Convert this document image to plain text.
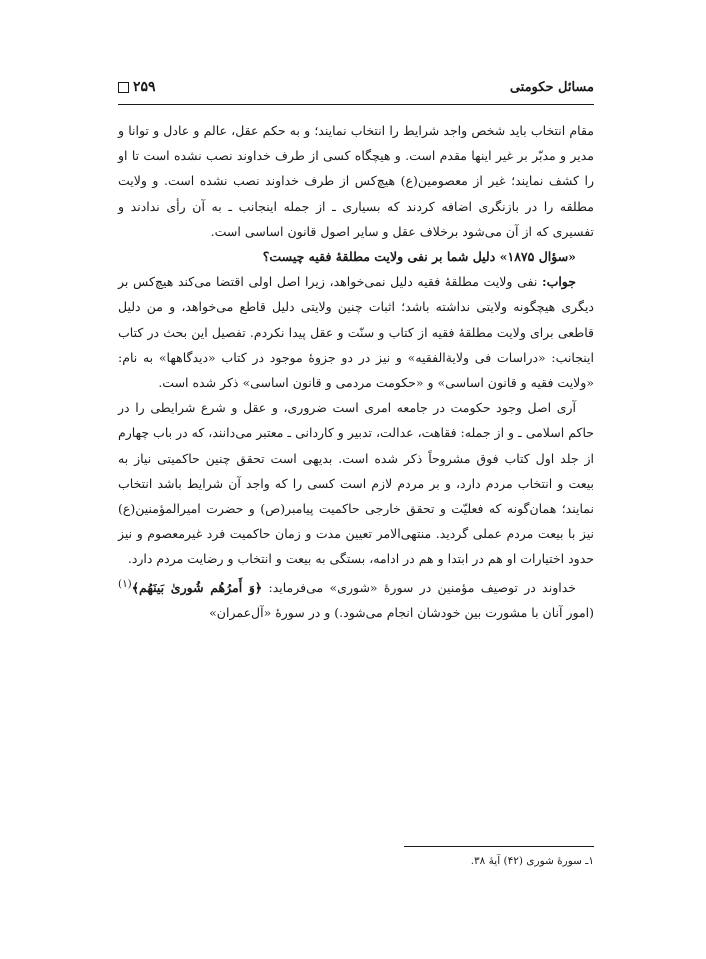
مسائل حکومتی
۲۵۹

مقام انتخاب باید شخص واجد شرایط را انتخاب نمایند؛ و به حکم عقل، عالم و عادل و توانا و مدیر و مدبّر بر غیر اینها مقدم است. و هیچگاه کسی از طرف خداوند نصب نشده است تا او را کشف نمایند؛ غیر از معصومین(ع) هیچ‌کس از طرف خداوند نصب نشده است. و ولایت مطلقه را در بازنگری اضافه کردند که بسیاری ـ از جمله اینجانب ـ به آن رأی ندادند و تفسیری که از آن می‌شود برخلاف عقل و سایر اصول قانون اساسی است.

«سؤال ۱۸۷۵» دلیل شما بر نفی ولایت مطلقهٔ فقیه چیست؟

جواب: نفی ولایت مطلقهٔ فقیه دلیل نمی‌خواهد، زیرا اصل اولی اقتضا می‌کند هیچ‌کس بر دیگری هیچگونه ولایتی نداشته باشد؛ اثبات چنین ولایتی دلیل قاطع می‌خواهد، و من دلیل قاطعی برای ولایت مطلقهٔ فقیه از کتاب و سنّت و عقل پیدا نکردم. تفصیل این بحث در کتاب اینجانب: «دراسات فی ولایة‌الفقیه» و نیز در دو جزوهٔ موجود در کتاب «دیدگاهها» به نام: «ولایت فقیه و قانون اساسی» و «حکومت مردمی و قانون اساسی» ذکر شده است.

آری اصل وجود حکومت در جامعه امری است ضروری، و عقل و شرع شرایطی را در حاکم اسلامی ـ و از جمله: فقاهت، عدالت، تدبیر و کاردانی ـ معتبر می‌دانند، که در باب چهارم از جلد اول کتاب فوق مشروحاً ذکر شده است. بدیهی است تحقق چنین حاکمیتی نیاز به بیعت و انتخاب مردم دارد، و بر مردم لازم است کسی را که واجد آن شرایط باشد انتخاب نمایند؛ همان‌گونه که فعلیّت و تحقق خارجی حاکمیت پیامبر(ص) و حضرت امیرالمؤمنین(ع) نیز با بیعت مردم عملی گردید. منتهی‌الامر تعیین مدت و زمان حاکمیت فرد غیرمعصوم و نیز حدود اختیارات او هم در ابتدا و هم در ادامه، بستگی به بیعت و انتخاب و رضایت مردم دارد.

خداوند در توصیف مؤمنین در سورهٔ «شوری» می‌فرماید: ﴿وَ أَمرُهُم شُورىٰ بَينَهُم﴾$^{(۱)}$(امور آنان با مشورت بین خودشان انجام می‌شود.) و در سورهٔ «آل‌عمران»

۱ـ سورهٔ شوری (۴۲) آیهٔ ۳۸.
